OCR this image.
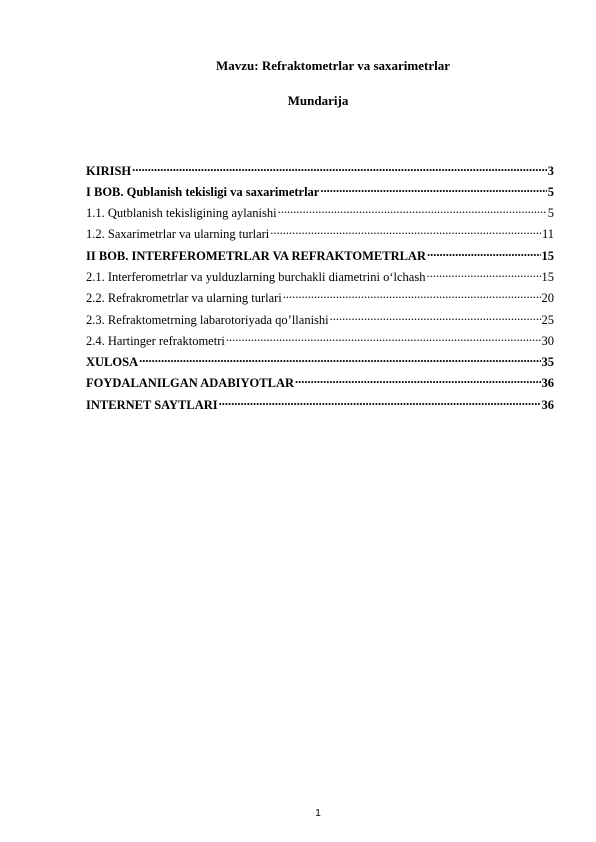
Mavzu: Refraktometrlar va saxarimetrlar
Mundarija
KIRISH .....	3
I BOB. Qublanish tekisligi va saxarimetrlar .....	5
1.1. Qutblanish tekisligining aylanishi .....	5
1.2. Saxarimetrlar va ularning turlari .....	11
II BOB. INTERFEROMETRLAR VA REFRAKTOMETRLAR .....	15
2.1. Interferometrlar va yulduzlarning burchakli diametrini o‘lchash .....	15
2.2. Refrakrometrlar va ularning turlari .....	20
2.3. Refraktometrning labarotoriyada qo’llanishi .....	25
2.4. Hartinger refraktometri .....	30
XULOSA .....	35
FOYDALANILGAN ADABIYOTLAR .....	36
INTERNET SAYTLARI .....	36
1
